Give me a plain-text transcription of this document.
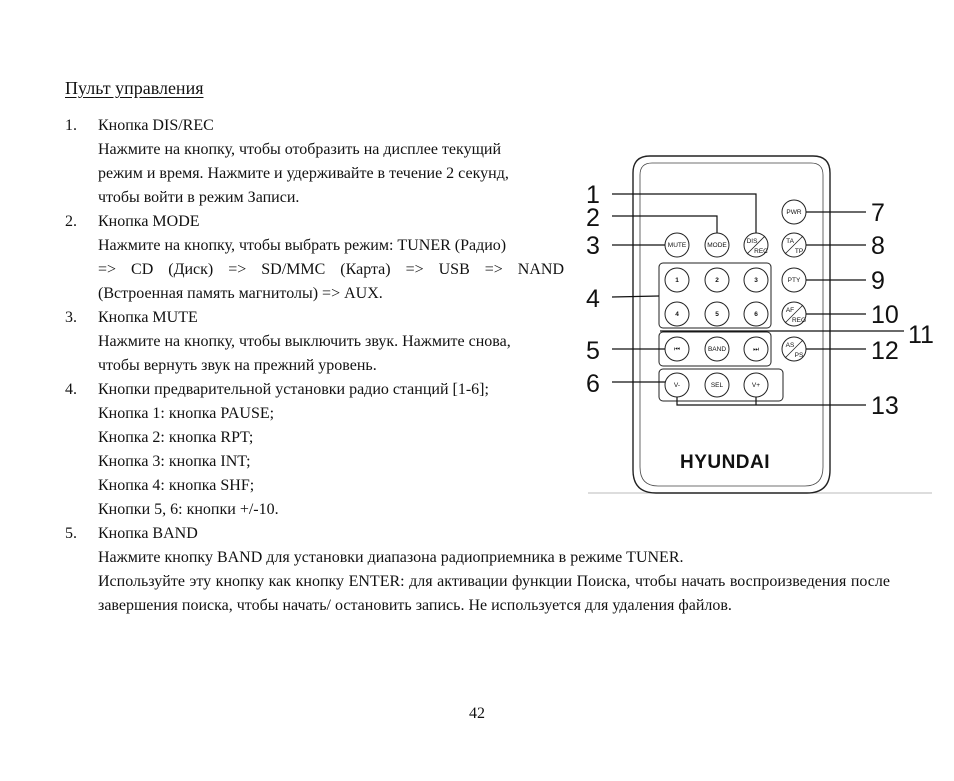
Пульт управления
1.	Кнопка DIS/REC
Нажмите на кнопку, чтобы отобразить на дисплее текущий
режим и время. Нажмите и удерживайте в течение 2 секунд,
чтобы войти в режим Записи.
2.	Кнопка MODE
Нажмите на кнопку, чтобы выбрать режим: TUNER (Радио)
=> CD (Диск) => SD/MMC (Карта) => USB => NAND
(Встроенная память магнитолы) => AUX.
3.	Кнопка MUTE
Нажмите на кнопку, чтобы выключить звук. Нажмите снова,
чтобы вернуть звук на прежний уровень.
4.	Кнопки предварительной установки радио станций [1-6];
Кнопка 1: кнопка PAUSE;
Кнопка 2: кнопка RPT;
Кнопка 3: кнопка INT;
Кнопка 4: кнопка SHF;
Кнопки 5, 6: кнопки +/-10.
5.	Кнопка BAND
Нажмите кнопку BAND для установки диапазона радиоприемника в режиме TUNER.
Используйте эту кнопку как кнопку ENTER: для активации функции Поиска, чтобы начать воспроизведения после завершения поиска, чтобы начать/ остановить запись. Не используется для удаления файлов.
PWR
MUTE	MODE
DIS
REC
TA
TP
1	2	3	PTY
4	5	6
AF
REG
⏮	BAND	⏭
AS
PS
V-	SEL	V+
HYUNDAI
1
2
3
4
5
6
7
8
9
10
11
12
13
42
